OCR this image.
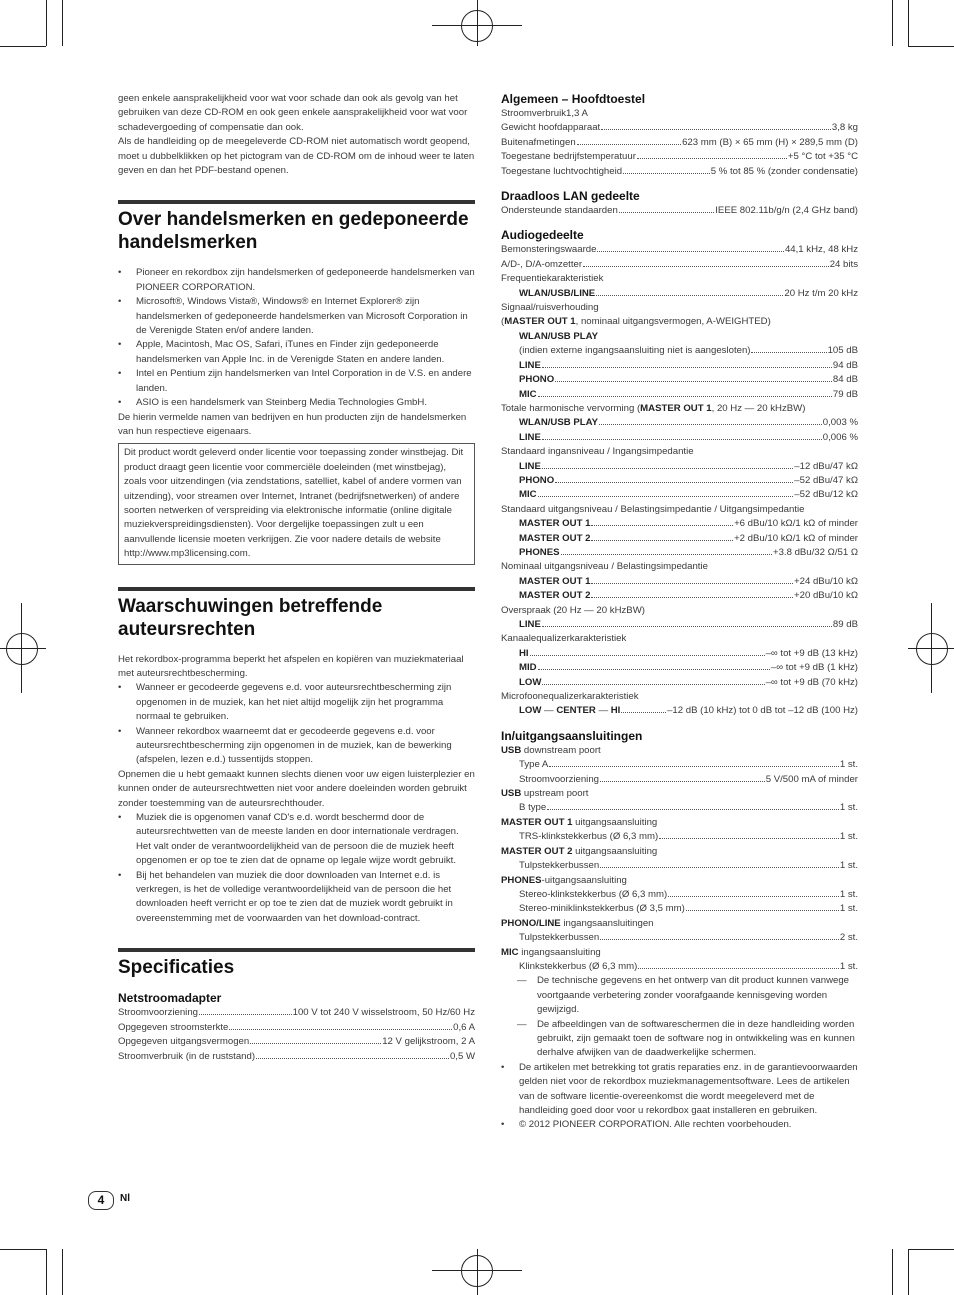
geen enkele aansprakelijkheid voor wat voor schade dan ook als gevolg van het gebruiken van deze CD-ROM en ook geen enkele aansprakelijkheid voor wat voor schadevergoeding of compensatie dan ook.

Als de handleiding op de meegeleverde CD-ROM niet automatisch wordt geopend, moet u dubbelklikken op het pictogram van de CD-ROM om de inhoud weer te laten geven en dan het PDF-bestand openen.

Over handelsmerken en gedeponeerde handelsmerken

• Pioneer en rekordbox zijn handelsmerken of gedeponeerde handelsmerken van PIONEER CORPORATION.

• Microsoft®, Windows Vista®, Windows® en Internet Explorer® zijn handelsmerken of gedeponeerde handelsmerken van Microsoft Corporation in de Verenigde Staten en/of andere landen.

• Apple, Macintosh, Mac OS, Safari, iTunes en Finder zijn gedeponeerde handelsmerken van Apple Inc. in de Verenigde Staten en andere landen.

• Intel en Pentium zijn handelsmerken van Intel Corporation in de V.S. en andere landen.

• ASIO is een handelsmerk van Steinberg Media Technologies GmbH.

De hierin vermelde namen van bedrijven en hun producten zijn de handelsmerken van hun respectieve eigenaars.

Dit product wordt geleverd onder licentie voor toepassing zonder winstbejag. Dit product draagt geen licentie voor commerciële doeleinden (met winstbejag), zoals voor uitzendingen (via zendstations, satelliet, kabel of andere vormen van uitzending), voor streamen over Internet, Intranet (bedrijfsnetwerken) of andere soorten netwerken of verspreiding via elektronische informatie (online digitale muziekverspreidingsdiensten). Voor dergelijke toepassingen zult u een aanvullende licensie moeten verkrijgen. Zie voor nadere details de website http://www.mp3licensing.com.
Waarschuwingen betreffende auteursrechten

Het rekordbox-programma beperkt het afspelen en kopiëren van muziekmateriaal met auteursrechtbescherming.

• Wanneer er gecodeerde gegevens e.d. voor auteursrechtbescherming zijn opgenomen in de muziek, kan het niet altijd mogelijk zijn het programma normaal te gebruiken.

• Wanneer rekordbox waarneemt dat er gecodeerde gegevens e.d. voor auteursrechtbescherming zijn opgenomen in de muziek, kan de bewerking (afspelen, lezen e.d.) tussentijds stoppen.

Opnemen die u hebt gemaakt kunnen slechts dienen voor uw eigen luisterplezier en kunnen onder de auteursrechtwetten niet voor andere doeleinden worden gebruikt zonder toestemming van de auteursrechthouder.

• Muziek die is opgenomen vanaf CD's e.d. wordt beschermd door de auteursrechtwetten van de meeste landen en door internationale verdragen. Het valt onder de verantwoordelijkheid van de persoon die de muziek heeft opgenomen er op toe te zien dat de opname op legale wijze wordt gebruikt.

• Bij het behandelen van muziek die door downloaden van Internet e.d. is verkregen, is het de volledige verantwoordelijkheid van de persoon die het downloaden heeft verricht er op toe te zien dat de muziek wordt gebruikt in overeenstemming met de voorwaarden van het download-contract.

Specificaties
Netstroomadapter
Stroomvoorziening	100 V tot 240 V wisselstroom, 50 Hz/60 Hz
Opgegeven stroomsterkte	0,6 A
Opgegeven uitgangsvermogen	12 V gelijkstroom, 2 A
Stroomverbruik (in de ruststand)	0,5 W
Algemeen – Hoofdtoestel

Stroomverbruik1,3 A

Gewicht hoofdapparaat	3,8 kg
Buitenafmetingen	623 mm (B) × 65 mm (H) × 289,5 mm (D)
Toegestane bedrijfstemperatuur	+5 °C tot +35 °C
Toegestane luchtvochtigheid	5 % tot 85 % (zonder condensatie)
Draadloos LAN gedeelte
Ondersteunde standaarden	IEEE 802.11b/g/n (2,4 GHz band)
Audiogedeelte
Bemonsteringswaarde	44,1 kHz, 48 kHz
A/D-, D/A-omzetter	24 bits

Frequentiekarakteristiek

WLAN/USB/LINE	20 Hz t/m 20 kHz

Signaal/ruisverhouding

(MASTER OUT 1, nominaal uitgangsvermogen, A-WEIGHTED)

WLAN/USB PLAY

(indien externe ingangsaansluiting niet is aangesloten)	105 dB
LINE	94 dB
PHONO	84 dB
MIC	79 dB

Totale harmonische vervorming (MASTER OUT 1, 20 Hz — 20 kHzBW)

WLAN/USB PLAY	0,003 %
LINE	0,006 %

Standaard ingansniveau / Ingangsimpedantie

LINE	–12 dBu/47 kΩ
PHONO	–52 dBu/47 kΩ
MIC	–52 dBu/12 kΩ

Standaard uitgangsniveau / Belastingsimpedantie / Uitgangsimpedantie

MASTER OUT 1	+6 dBu/10 kΩ/1 kΩ of minder
MASTER OUT 2	+2 dBu/10 kΩ/1 kΩ of minder
PHONES	+3.8 dBu/32 Ω/51 Ω

Nominaal uitgangsniveau / Belastingsimpedantie

MASTER OUT 1	+24 dBu/10 kΩ
MASTER OUT 2	+20 dBu/10 kΩ

Overspraak (20 Hz — 20 kHzBW)

LINE	89 dB

Kanaalequalizerkarakteristiek

HI	–∞ tot +9 dB (13 kHz)
MID	–∞ tot +9 dB (1 kHz)
LOW	–∞ tot +9 dB (70 kHz)

Microfoonequalizerkarakteristiek

LOW — CENTER — HI	–12 dB (10 kHz) tot 0 dB tot –12 dB (100 Hz)
In/uitgangsaansluitingen

USB downstream poort

Type A	1 st.
Stroomvoorziening	5 V/500 mA of minder

USB upstream poort

B type	1 st.

MASTER OUT 1 uitgangsaansluiting

TRS-klinkstekkerbus (Ø 6,3 mm)	1 st.

MASTER OUT 2 uitgangsaansluiting

Tulpstekkerbussen	1 st.

PHONES-uitgangsaansluiting

Stereo-klinkstekkerbus (Ø 6,3 mm)	1 st.
Stereo-miniklinkstekkerbus (Ø 3,5 mm)	1 st.

PHONO/LINE ingangsaansluitingen

Tulpstekkerbussen	2 st.

MIC ingangsaansluiting

Klinkstekkerbus (Ø 6,3 mm)	1 st.

— De technische gegevens en het ontwerp van dit product kunnen vanwege voortgaande verbetering zonder voorafgaande kennisgeving worden gewijzigd.

— De afbeeldingen van de softwareschermen die in deze handleiding worden gebruikt, zijn gemaakt toen de software nog in ontwikkeling was en kunnen derhalve afwijken van de daadwerkelijke schermen.

• De artikelen met betrekking tot gratis reparaties enz. in de garantievoorwaarden gelden niet voor de rekordbox muziekmanagementsoftware. Lees de artikelen van de software licentie-overeenkomst die wordt meegeleverd met de handleiding goed door voor u rekordbox gaat installeren en gebruiken.

• © 2012 PIONEER CORPORATION. Alle rechten voorbehouden.

4	Nl
